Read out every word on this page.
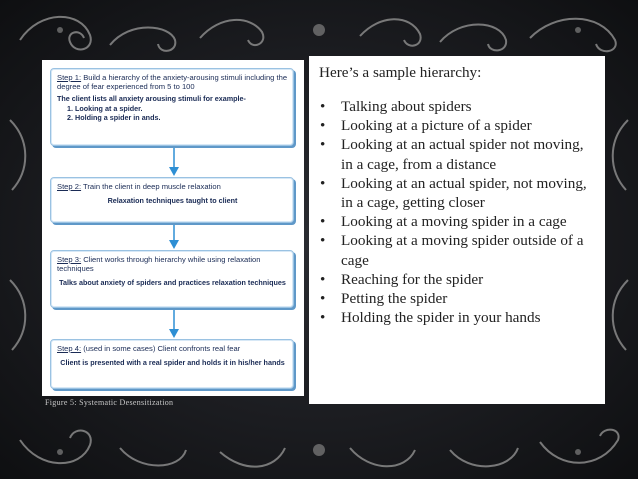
Step 1: Build a hierarchy of the anxiety-arousing stimuli including the degree of fear experienced from 5 to 100
The client lists all anxiety arousing stimuli for example-
1. Looking at a spider.
2. Holding a spider in ands.
Step 2: Train the client in deep muscle relaxation
Relaxation techniques taught to client
Step 3: Client works through hierarchy while using relaxation techniques
Talks about anxiety of spiders and practices relaxation techniques
Step 4: (used in some cases) Client confronts real fear
Client is presented with a real spider and holds it in his/her hands
Figure 5: Systematic Desensitization

Here’s a sample hierarchy:

• Talking about spiders
• Looking at a picture of a spider
• Looking at an actual spider not moving, in a cage, from a distance
• Looking at an actual spider, not moving, in a cage, getting closer
• Looking at a moving spider in a cage
• Looking at a moving spider outside of a cage
• Reaching for the spider
• Petting the spider
• Holding the spider in your hands
